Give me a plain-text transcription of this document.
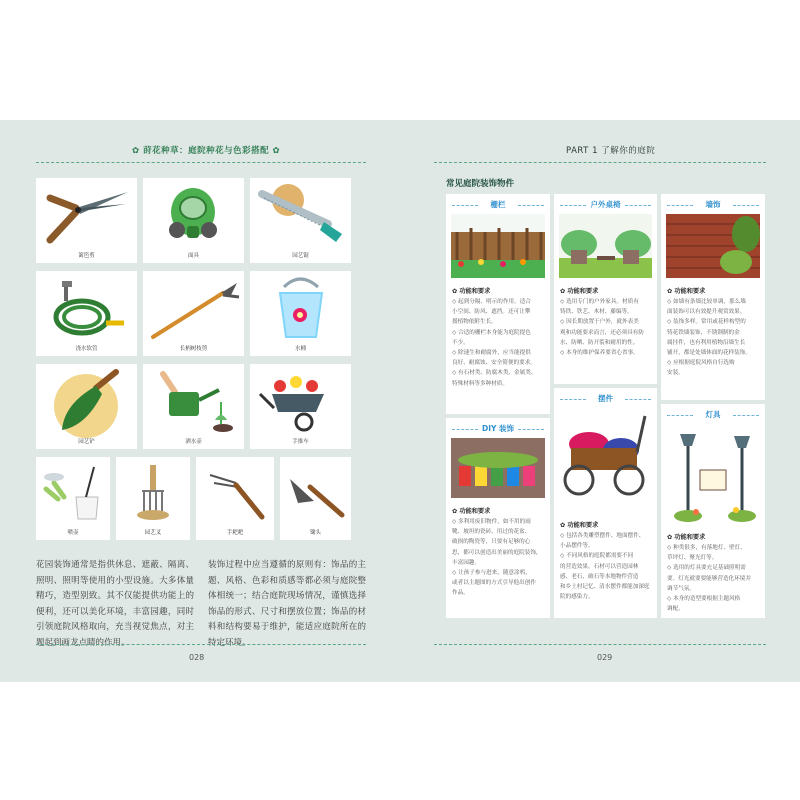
✿ 莳花种草：庭院种花与色彩搭配 ✿
篱笆剪	面具	园艺锯
浇水软管	长柄树枝剪	水桶
园艺铲	洒水壶	手推车
喷壶	园艺叉	手耙耙	锄头
花园装饰通常是指供休息、遮蔽、隔离、照明、照明等使用的小型设施。大多体量精巧，造型别致。其不仅能提供功能上的便利，还可以美化环境，丰富园趣，同时引领庭院风格取向，充当视觉焦点，对主题起到画龙点睛的作用。
装饰过程中应当遵循的原则有：饰品的主题、风格、色彩和质感等都必须与庭院整体相统一；结合庭院现场情况，谨慎选择饰品的形式、尺寸和摆放位置；饰品的材料和结构要易于维护，能适应庭院所在的特定环境。
028
PART 1 了解你的庭院
常见庭院装饰物件
栅栏
✿ 功能和要求
◇ 起到分隔、明示的作用。适合
小空间、防风、遮挡。还可让攀
援植物依附生长。
◇ 合适的栅栏本身能为庭院提色
不少。
◇ 除速生和耐腐外，应当能提供
良好、耐腐蚀、安全简便的要求。
◇ 有石材类、防腐木类、金属类、
特殊材料等多种材质。
户外桌椅
✿ 功能和要求
◇ 选用专门的户外家具。材质有
铸铁、铁艺、木材、藤编等。
◇ 因长期放置于户外，就外表美
观和功能要求而言，还必须具有防
水、防晒、防开裂和耐用的性。
◇ 本身的维护保养要省心省事。
墙饰
✿ 功能和要求
◇ 如墙有条墙比较单调，那么墙
面装饰可以有效提升观赏效果。
◇ 装饰多样。常用或花样构型的
铸花铁墙装饰，不锈钢制的金
属挂件，也有利用植物沿墙生长
铺开，都是处墙体面的花样装饰。
◇ 应根据庭院风格自行选购
安装。
DIY 装饰
✿ 功能和要求
◇ 多利用废旧物件，如不用的雨
靴、坡坦的瓷砖、用过的花盆、
破损的陶瓷等，只要有足够的心
思，都可以创造出美丽的庭院装饰，
丰富园趣。
◇ 让孩子参与进来，随意涂鸦，
或者以主题图的方式引导他出创作
作品。
摆件
✿ 功能和要求
◇ 包括各类雕塑摆件、地面摆件、
小品摆件等。
◇ 不同风格的庭院都需要不同
的营造效果，石材可以营造园林
感、老石、破石等本地物件营造
和乡土村记忆、清水摆件都能加深庭
院的感染力。
灯具
✿ 功能和要求
◇ 种类很多，有落地灯、壁灯、
草坪灯、聚光灯等。
◇ 选用的灯具要充足基础照明需
要。灯光就要要能够营造化环境并
调节气氛。
◇ 本身的造型要根据主题风格
调配。
029
